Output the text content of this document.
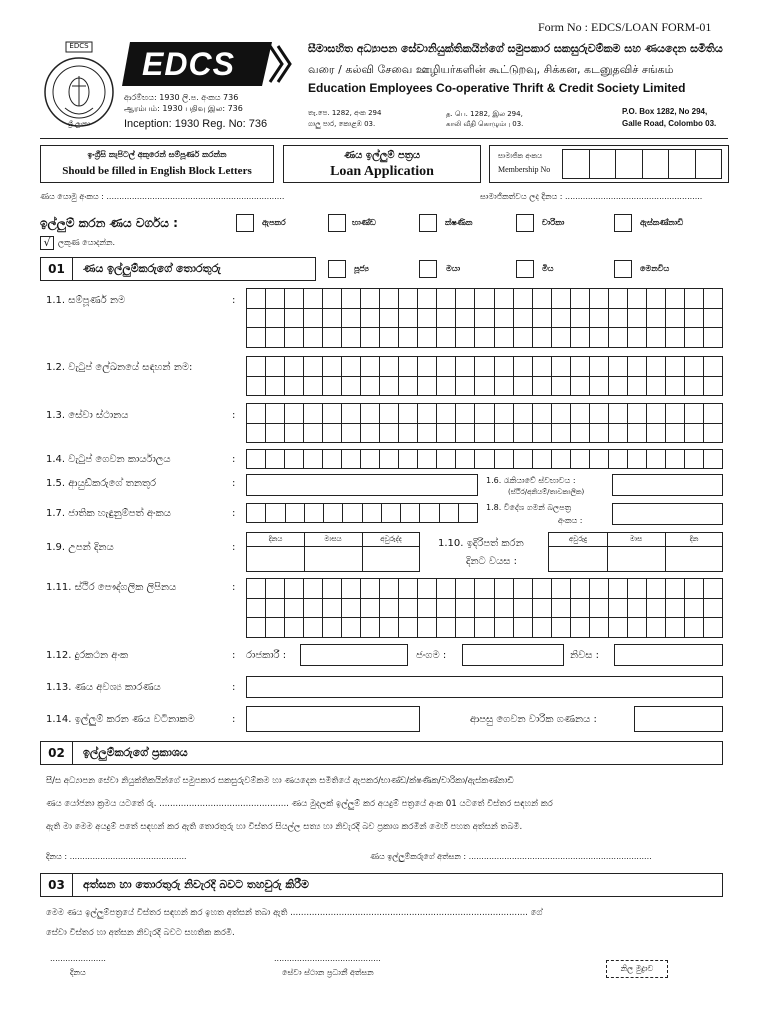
Form No : EDCS/LOAN FORM-01
EDCS
ශ්‍රී ලංකා
EDCS
ආරම්භය: 1930 ලි.ප. අංකය 736
ஆரம்பம்: 1930 பதிவு இல: 736
Inception: 1930 Reg. No: 736
සීමාසහිත අධ්‍යාපන සේවානියුක්තිකයින්ගේ සමුපකාර සකසුරුවම්කම සහ ණයදෙන සමිතිය
வரை / கல்வி சேவை ஊழியர்களின் கூட்டுறவு, சிக்கன, கடனுதவிச் சங்கம்
Education Employees Co-operative Thrift & Credit Society Limited
තැ.පෙ. 1282, අංක 294
ගාලු පාර, කොළඹ 03.
த. பெ. 1282, இல 294,
காலி வீதி கொழும்பு 03.
P.O. Box 1282, No 294,
Galle Road, Colombo 03.
ඉංග්‍රීසි කැපිටල් අකුරෙන් සම්පූර්ණ කරන්න
Should be filled in English Block Letters
ණය ඉල්ලුම් පත්‍රය
Loan Application
සාමාජික අංකය
Membership No
ණය යොමු අංකය : ......................................................................	සාමාජිකත්වය ලද දිනය : ......................................................
ඉල්ලුම් කරන ණය වර්ගය :	ඇපකර	භාණ්ඩ	ක්ෂණික	චාරිකා	ඇස්කණ්නාඩි
√ ලකුණ යොදන්න.
01	ණය ඉල්ලුම්කරුගේ තොරතුරු	පූජ්‍ය	මයා	මිය	මෙනවිය
1.1. සම්පූර්ණ නම	:
1.2. වැටුප් ලේඛනයේ සඳහන් නම:
1.3. සේවා ස්ථානය	:
1.4. වැටුප් ගෙවන කාර්යාලය	:
1.5. ආයුඩ්කරුගේ තනතුර	:	1.6. රැකියාවේ ස්වභාවය :
(ස්ථිර/අනියම්/තාවකාලික)
1.7. ජාතික හැඳුනුම්පත් අංකය	:
1.8. විදේශ ගමන් බලපත්‍ර
අංකය :
1.9. උපන් දිනය	:
දිනය	මාසය	අවුරුද්ද	1.10. ඉදිරිපත් කරන
දිනට වයස :
අවුරුදු	මාස	දින
1.11. ස්ථිර පෞද්ගලික ලිපිනය	:
1.12. දුරකථන අංක	: රාජකාරී :	ජංගම :	නිවස :
1.13. ණය අවශ්‍ය කාරණය	:
1.14. ඉල්ලුම් කරන ණය වටිනාකම	:	ආපසු ගෙවන වාරික ගණනය :
02	ඉල්ලුම්කරුගේ ප්‍රකාශය
සී/ස අධ්‍යාපන සේවා නියුක්තිකයින්ගේ සමුපකාර සකසුරුවම්කම හා ණයදෙන සමිතියේ ඇපකර/භාණ්ඩ/ක්ෂණික/චාරිකා/ඇස්කණ්නාඩි
ණය යෝජනා ක්‍රමය යටතේ රු. ................................................ ණය මුදලක් ඉල්ලුම් කර අයදුම් පත්‍රයේ අංක 01 යටතේ විස්තර සඳහන් කර
ඇති මා මෙම අයදුම් පතේ සඳහන් කර ඇති තොරතුරු හා විස්තර සියල්ල සත්‍ය හා නිවැරදි බව ප්‍රකාශ කරමින් මෙහි පහත අත්සන් තබමි.
දිනය : ..............................................	ණය ඉල්ලුම්කරුගේ අත්සන : ........................................................................
03	අත්සන හා තොරතුරු නිවැරදි බවට තහවුරු කිරීම
මෙම ණය ඉල්ලුම්පත්‍රයේ විස්තර සඳහන් කර ඉහත අත්සන් තබා ඇති ........................................................................................ ගේ
සේවා විස්තර හා අත්සන නිවැරදි බවට සහතික කරමි.
......................
දිනය
..........................................
සේවා ස්ථාන ප්‍රධානී අත්සන	නිල මුද්‍රාව
